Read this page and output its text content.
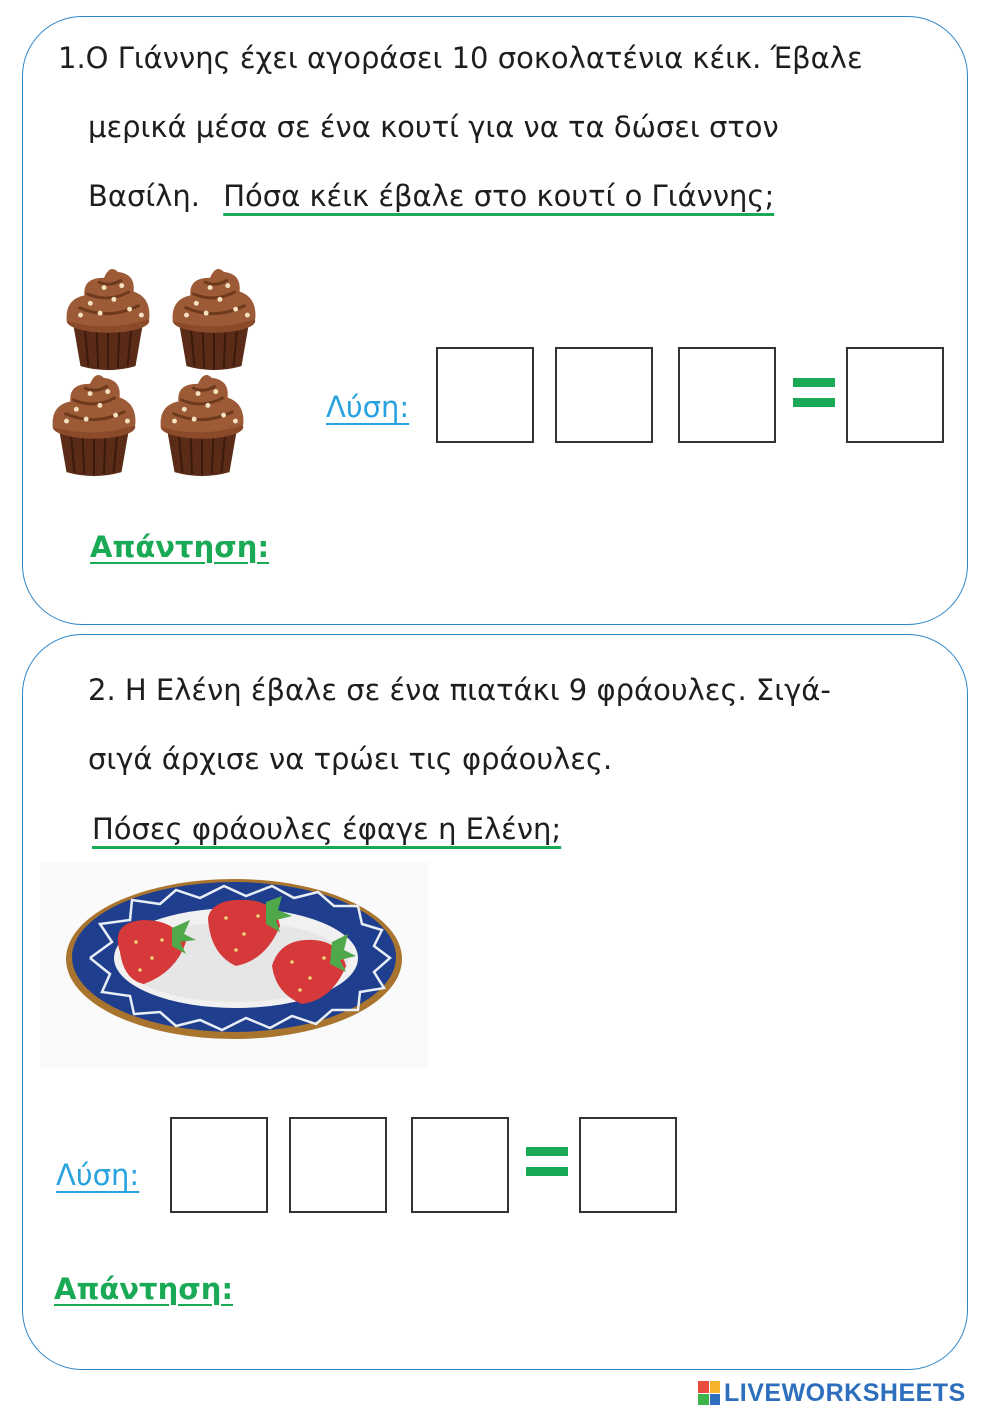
1.Ο Γιάννης έχει αγοράσει 10 σοκολατένια κέικ. Έβαλε
μερικά μέσα σε ένα κουτί για να τα δώσει στον
Βασίλη. Πόσα κέικ έβαλε στο κουτί ο Γιάννης;
Λύση:
Απάντηση:
2. Η Ελένη έβαλε σε ένα πιατάκι 9 φράουλες. Σιγά-
σιγά άρχισε να τρώει τις φράουλες.
Πόσες φράουλες έφαγε η Ελένη;
Λύση:
Απάντηση:
LIVEWORKSHEETS
